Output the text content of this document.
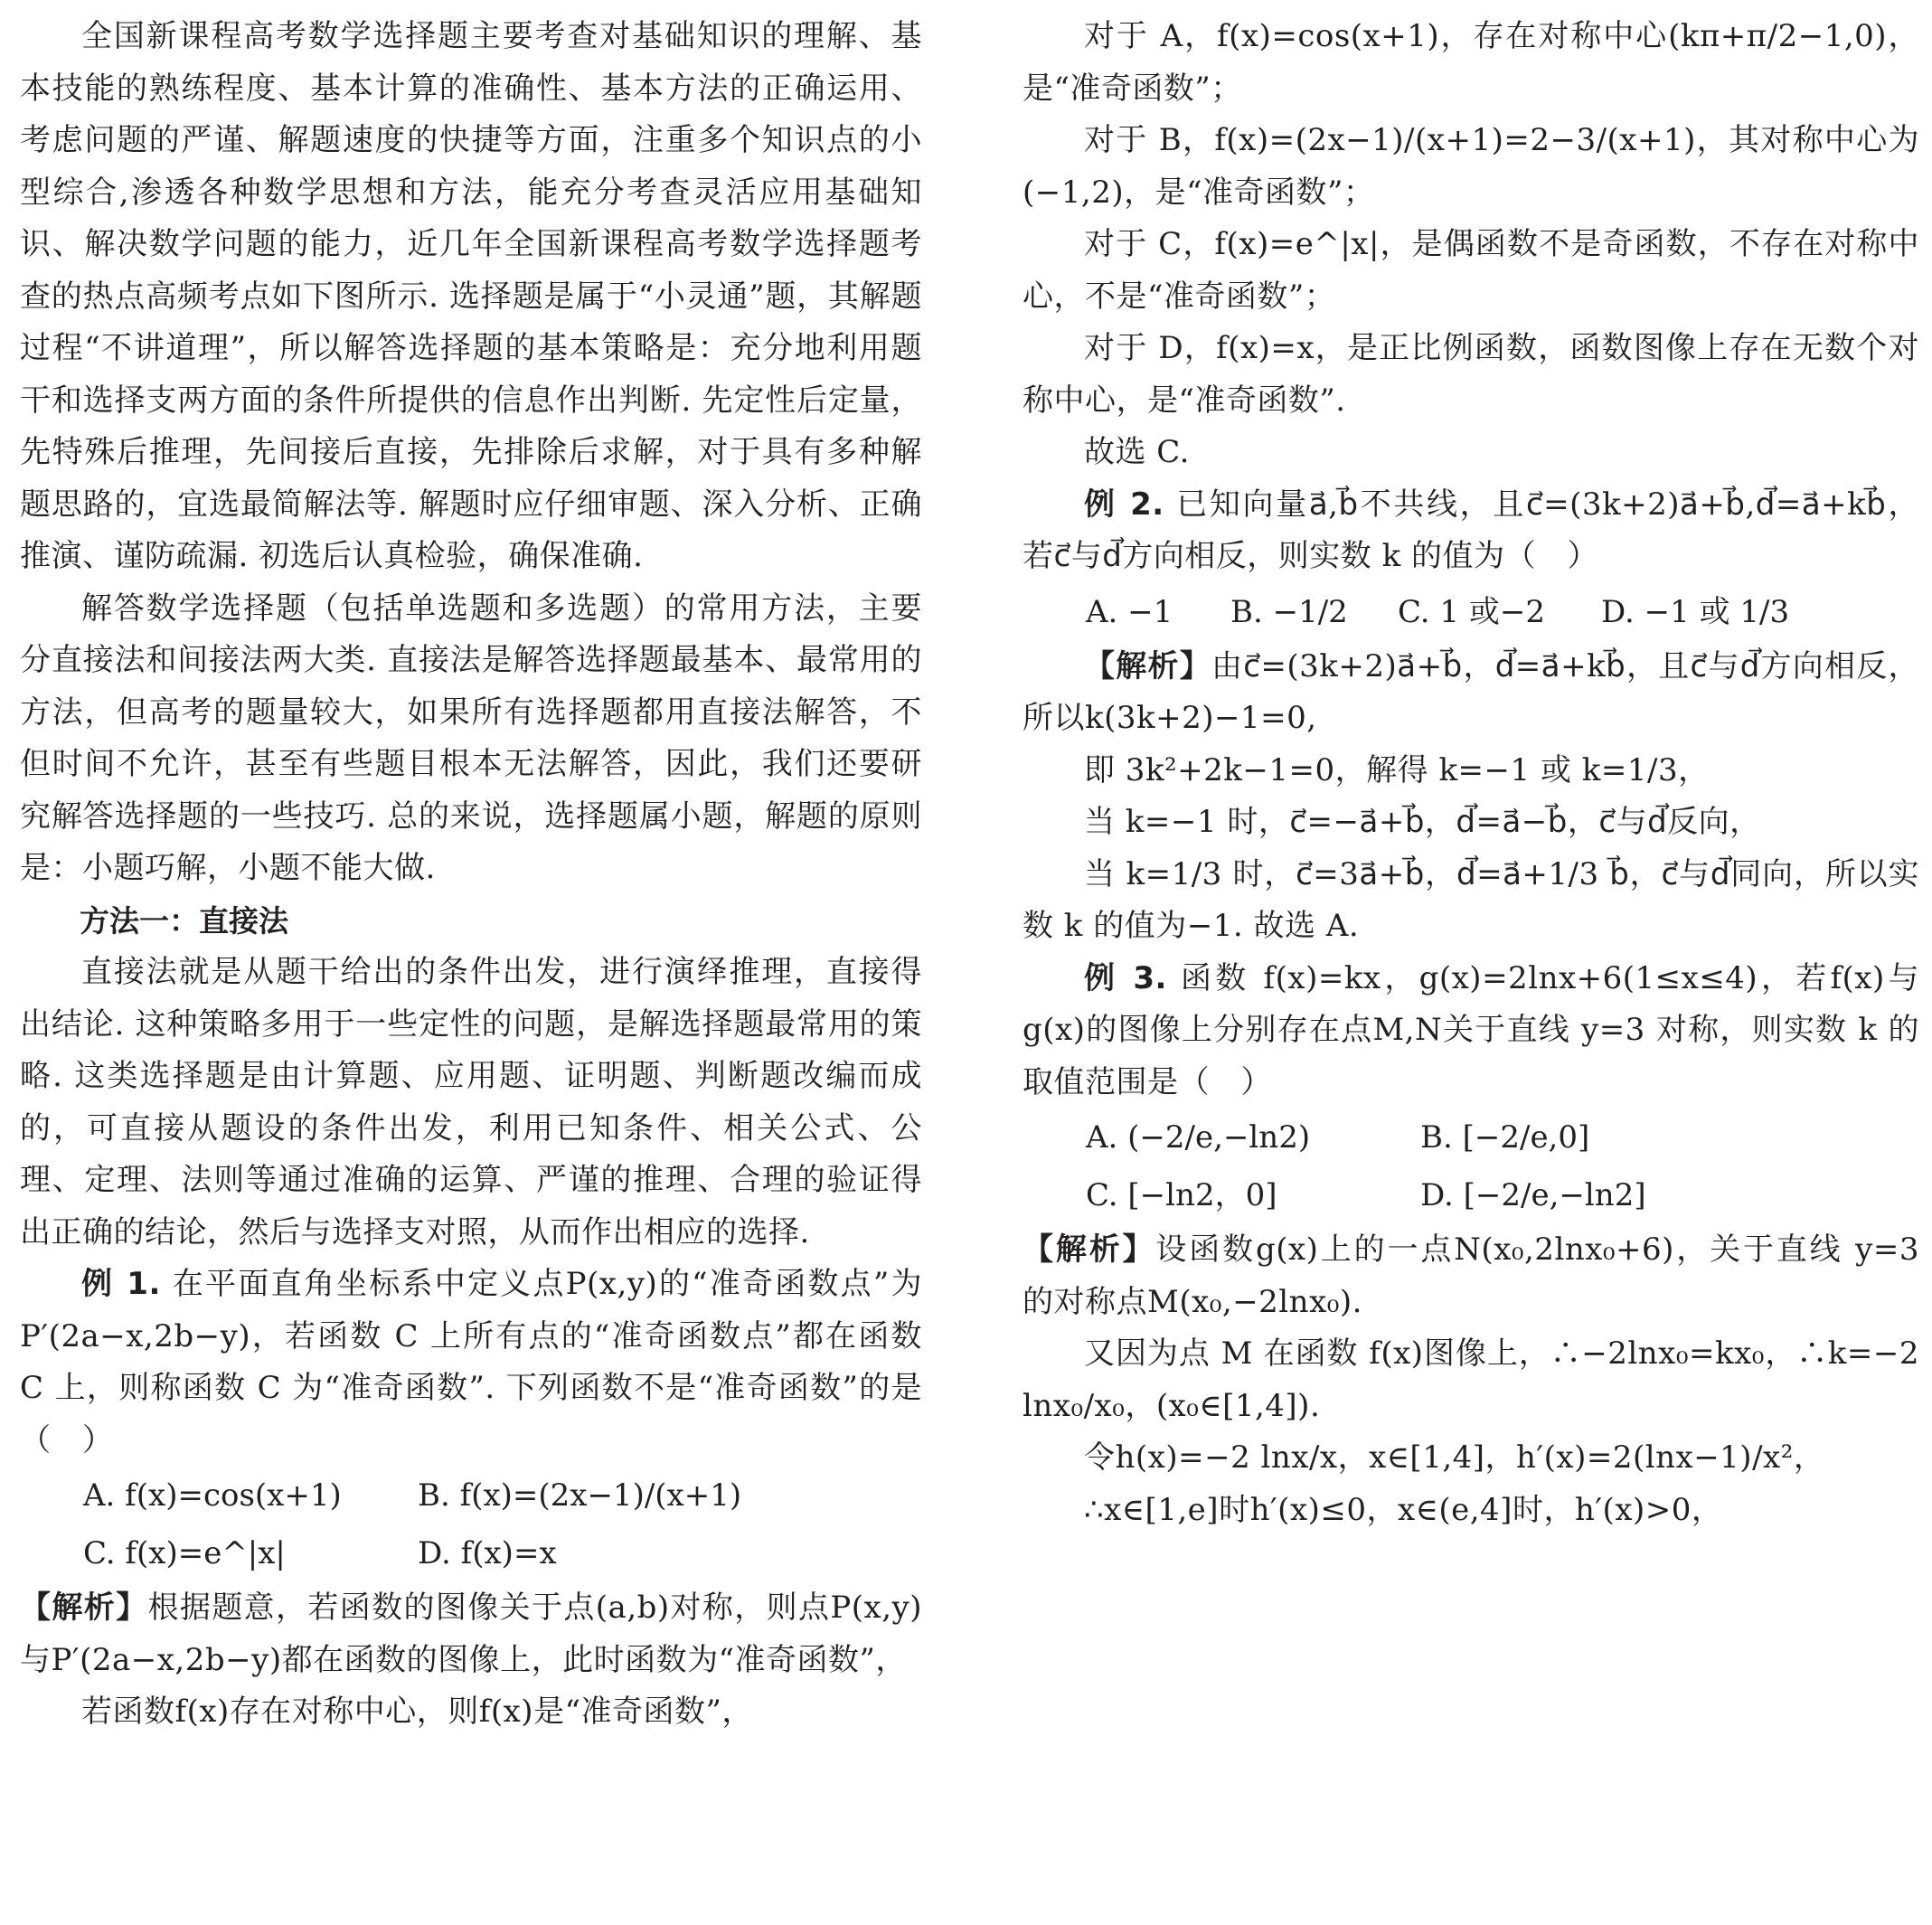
全国新课程高考数学选择题主要考查对基础知识的理解、基本技能的熟练程度、基本计算的准确性、基本方法的正确运用、考虑问题的严谨、解题速度的快捷等方面，注重多个知识点的小型综合,渗透各种数学思想和方法，能充分考查灵活应用基础知识、解决数学问题的能力，近几年全国新课程高考数学选择题考查的热点高频考点如下图所示. 选择题是属于“小灵通”题，其解题过程“不讲道理”，所以解答选择题的基本策略是：充分地利用题干和选择支两方面的条件所提供的信息作出判断. 先定性后定量，先特殊后推理，先间接后直接，先排除后求解，对于具有多种解题思路的，宜选最简解法等. 解题时应仔细审题、深入分析、正确推演、谨防疏漏. 初选后认真检验，确保准确.

解答数学选择题（包括单选题和多选题）的常用方法，主要分直接法和间接法两大类. 直接法是解答选择题最基本、最常用的方法，但高考的题量较大，如果所有选择题都用直接法解答，不但时间不允许，甚至有些题目根本无法解答，因此，我们还要研究解答选择题的一些技巧. 总的来说，选择题属小题，解题的原则是：小题巧解，小题不能大做.

方法一：直接法

直接法就是从题干给出的条件出发，进行演绎推理，直接得出结论. 这种策略多用于一些定性的问题，是解选择题最常用的策略. 这类选择题是由计算题、应用题、证明题、判断题改编而成的，可直接从题设的条件出发，利用已知条件、相关公式、公理、定理、法则等通过准确的运算、严谨的推理、合理的验证得出正确的结论，然后与选择支对照，从而作出相应的选择.

例 1. 在平面直角坐标系中定义点P(x,y)的“准奇函数点”为P′(2a−x,2b−y)，若函数 C 上所有点的“准奇函数点”都在函数 C 上，则称函数 C 为“准奇函数”. 下列函数不是“准奇函数”的是（　）

A. f(x)=cos(x+1)	B. f(x)=(2x−1)/(x+1)
C. f(x)=e^|x|	D. f(x)=x

【解析】根据题意，若函数的图像关于点(a,b)对称，则点P(x,y)与P′(2a−x,2b−y)都在函数的图像上，此时函数为“准奇函数”，

若函数f(x)存在对称中心，则f(x)是“准奇函数”，

对于 A，f(x)=cos(x+1)，存在对称中心(kπ+π/2−1,0)，是“准奇函数”；

对于 B，f(x)=(2x−1)/(x+1)=2−3/(x+1)，其对称中心为(−1,2)，是“准奇函数”；

对于 C，f(x)=e^|x|，是偶函数不是奇函数，不存在对称中心，不是“准奇函数”；

对于 D，f(x)=x，是正比例函数，函数图像上存在无数个对称中心，是“准奇函数”.

故选 C.

例 2. 已知向量a⃗,b⃗不共线，且c⃗=(3k+2)a⃗+b⃗,d⃗=a⃗+kb⃗，若c⃗与d⃗方向相反，则实数 k 的值为（　）

A. −1	B. −1/2	C. 1 或−2	D. −1 或 1/3

【解析】由c⃗=(3k+2)a⃗+b⃗，d⃗=a⃗+kb⃗，且c⃗与d⃗方向相反，所以k(3k+2)−1=0,

即 3k²+2k−1=0，解得 k=−1 或 k=1/3，

当 k=−1 时，c⃗=−a⃗+b⃗，d⃗=a⃗−b⃗，c⃗与d⃗反向，

当 k=1/3 时，c⃗=3a⃗+b⃗，d⃗=a⃗+1/3 b⃗，c⃗与d⃗同向，所以实数 k 的值为−1. 故选 A.

例 3. 函数 f(x)=kx，g(x)=2lnx+6(1≤x≤4)，若f(x)与g(x)的图像上分别存在点M,N关于直线 y=3 对称，则实数 k 的取值范围是（　）

A. (−2/e,−ln2)	B. [−2/e,0]
C. [−ln2，0]	D. [−2/e,−ln2]

【解析】设函数g(x)上的一点N(x₀,2lnx₀+6)，关于直线 y=3 的对称点M(x₀,−2lnx₀).

又因为点 M 在函数 f(x)图像上，∴−2lnx₀=kx₀，∴k=−2 lnx₀/x₀，(x₀∈[1,4]).

令h(x)=−2 lnx/x，x∈[1,4]，h′(x)=2(lnx−1)/x²，

∴x∈[1,e]时h′(x)≤0，x∈(e,4]时，h′(x)>0，
